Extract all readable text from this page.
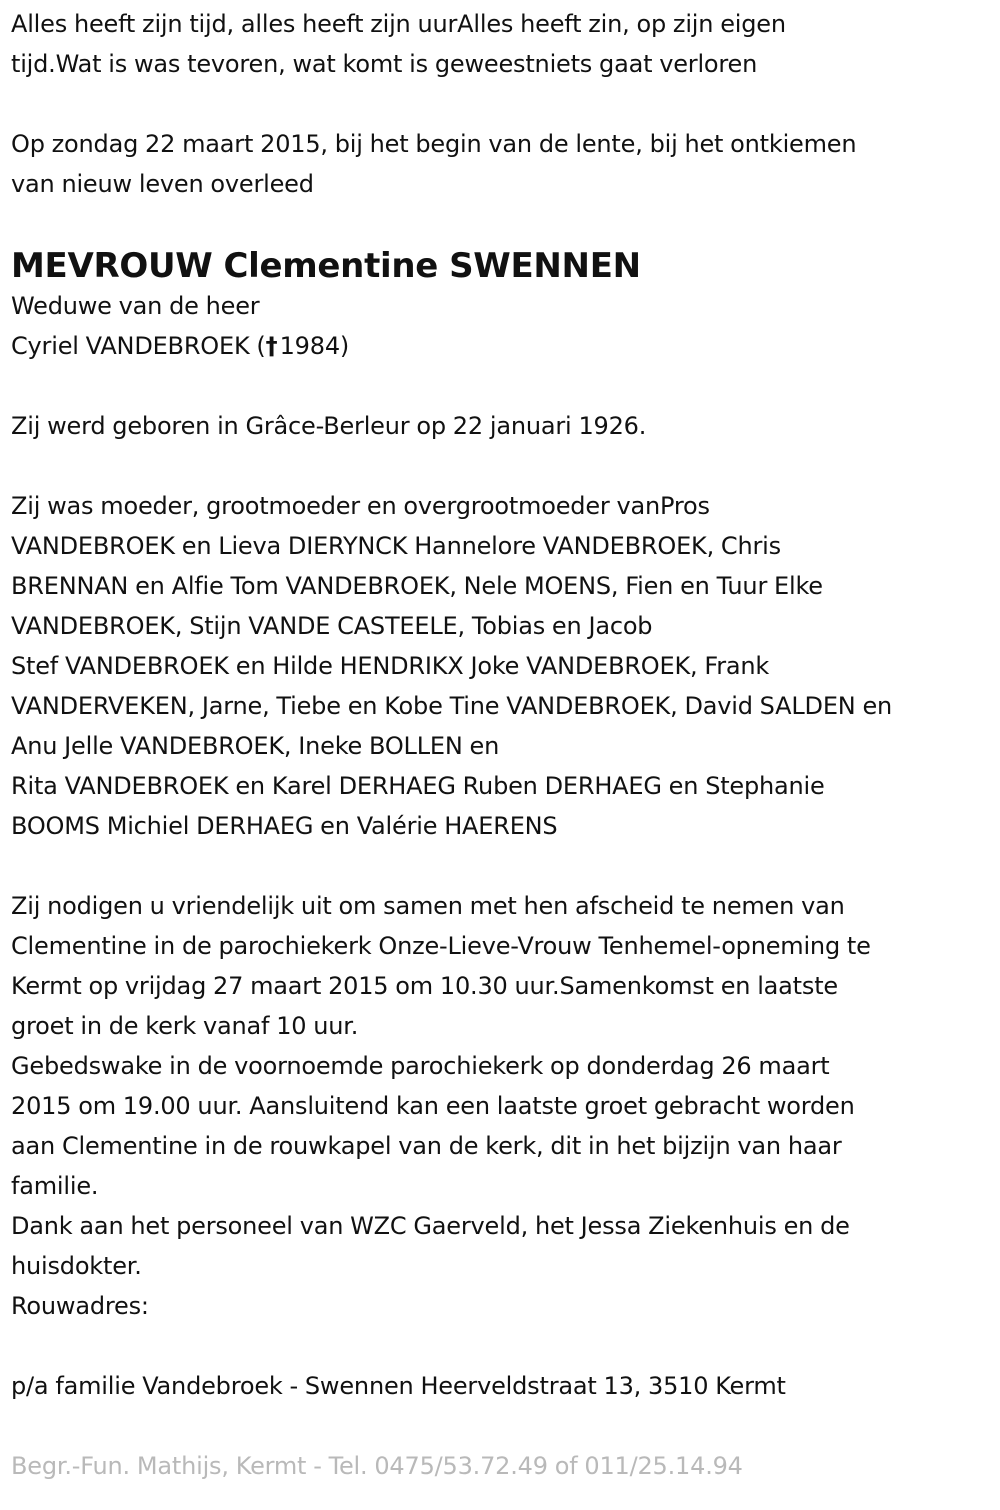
Alles heeft zijn tijd, alles heeft zijn uurAlles heeft zin, op zijn eigen
tijd.Wat is was tevoren, wat komt is geweestniets gaat verloren
Op zondag 22 maart 2015, bij het begin van de lente, bij het ontkiemen
van nieuw leven overleed
MEVROUW Clementine SWENNEN
Weduwe van de heer
Cyriel VANDEBROEK († 1984)
Zij werd geboren in Grâce-Berleur op 22 januari 1926.
Zij was moeder, grootmoeder en overgrootmoeder vanPros
VANDEBROEK en Lieva DIERYNCK Hannelore VANDEBROEK, Chris
BRENNAN en Alfie Tom VANDEBROEK, Nele MOENS, Fien en Tuur Elke
VANDEBROEK, Stijn VANDE CASTEELE, Tobias en Jacob
Stef VANDEBROEK en Hilde HENDRIKX Joke VANDEBROEK, Frank
VANDERVEKEN, Jarne, Tiebe en Kobe Tine VANDEBROEK, David SALDEN en
Anu Jelle VANDEBROEK, Ineke BOLLEN en
Rita VANDEBROEK en Karel DERHAEG Ruben DERHAEG en Stephanie
BOOMS Michiel DERHAEG en Valérie HAERENS
Zij nodigen u vriendelijk uit om samen met hen afscheid te nemen van
Clementine in de parochiekerk Onze-Lieve-Vrouw Tenhemel-opneming te
Kermt op vrijdag 27 maart 2015 om 10.30 uur.Samenkomst en laatste
groet in de kerk vanaf 10 uur.
Gebedswake in de voornoemde parochiekerk op donderdag 26 maart
2015 om 19.00 uur. Aansluitend kan een laatste groet gebracht worden
aan Clementine in de rouwkapel van de kerk, dit in het bijzijn van haar
familie.
Dank aan het personeel van WZC Gaerveld, het Jessa Ziekenhuis en de
huisdokter.
Rouwadres:
p/a familie Vandebroek - Swennen Heerveldstraat 13, 3510 Kermt
Begr.-Fun. Mathijs, Kermt - Tel. 0475/53.72.49 of 011/25.14.94
